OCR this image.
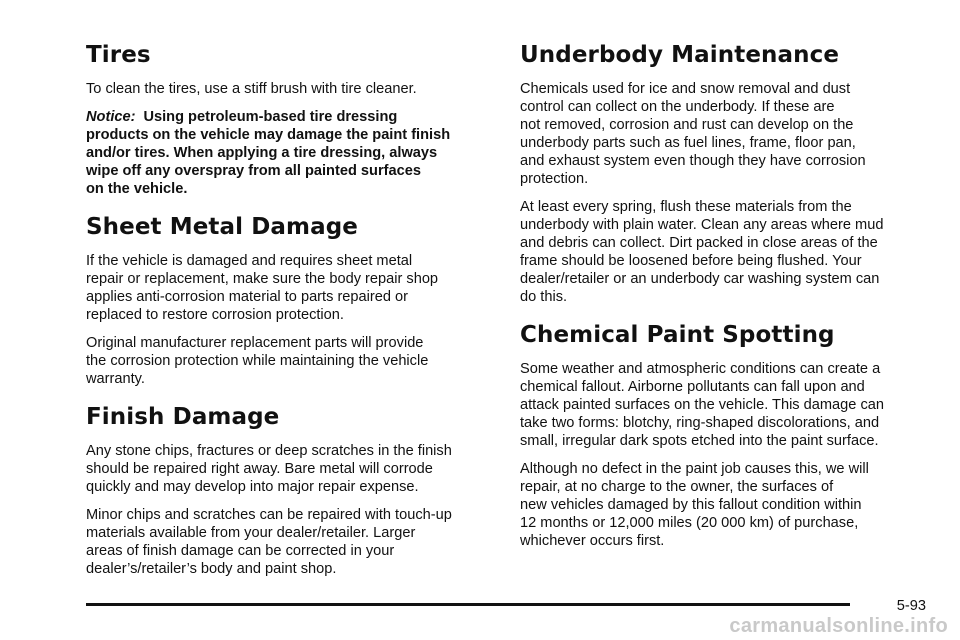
Tires

To clean the tires, use a stiff brush with tire cleaner.

Notice: Using petroleum-based tire dressing
products on the vehicle may damage the paint finish
and/or tires. When applying a tire dressing, always
wipe off any overspray from all painted surfaces
on the vehicle.

Sheet Metal Damage

If the vehicle is damaged and requires sheet metal
repair or replacement, make sure the body repair shop
applies anti-corrosion material to parts repaired or
replaced to restore corrosion protection.

Original manufacturer replacement parts will provide
the corrosion protection while maintaining the vehicle
warranty.

Finish Damage

Any stone chips, fractures or deep scratches in the finish
should be repaired right away. Bare metal will corrode
quickly and may develop into major repair expense.

Minor chips and scratches can be repaired with touch-up
materials available from your dealer/retailer. Larger
areas of finish damage can be corrected in your
dealer’s/retailer’s body and paint shop.

Underbody Maintenance

Chemicals used for ice and snow removal and dust
control can collect on the underbody. If these are
not removed, corrosion and rust can develop on the
underbody parts such as fuel lines, frame, floor pan,
and exhaust system even though they have corrosion
protection.

At least every spring, flush these materials from the
underbody with plain water. Clean any areas where mud
and debris can collect. Dirt packed in close areas of the
frame should be loosened before being flushed. Your
dealer/retailer or an underbody car washing system can
do this.

Chemical Paint Spotting

Some weather and atmospheric conditions can create a
chemical fallout. Airborne pollutants can fall upon and
attack painted surfaces on the vehicle. This damage can
take two forms: blotchy, ring-shaped discolorations, and
small, irregular dark spots etched into the paint surface.

Although no defect in the paint job causes this, we will
repair, at no charge to the owner, the surfaces of
new vehicles damaged by this fallout condition within
12 months or 12,000 miles (20 000 km) of purchase,
whichever occurs first.

5-93
carmanualsonline.info
